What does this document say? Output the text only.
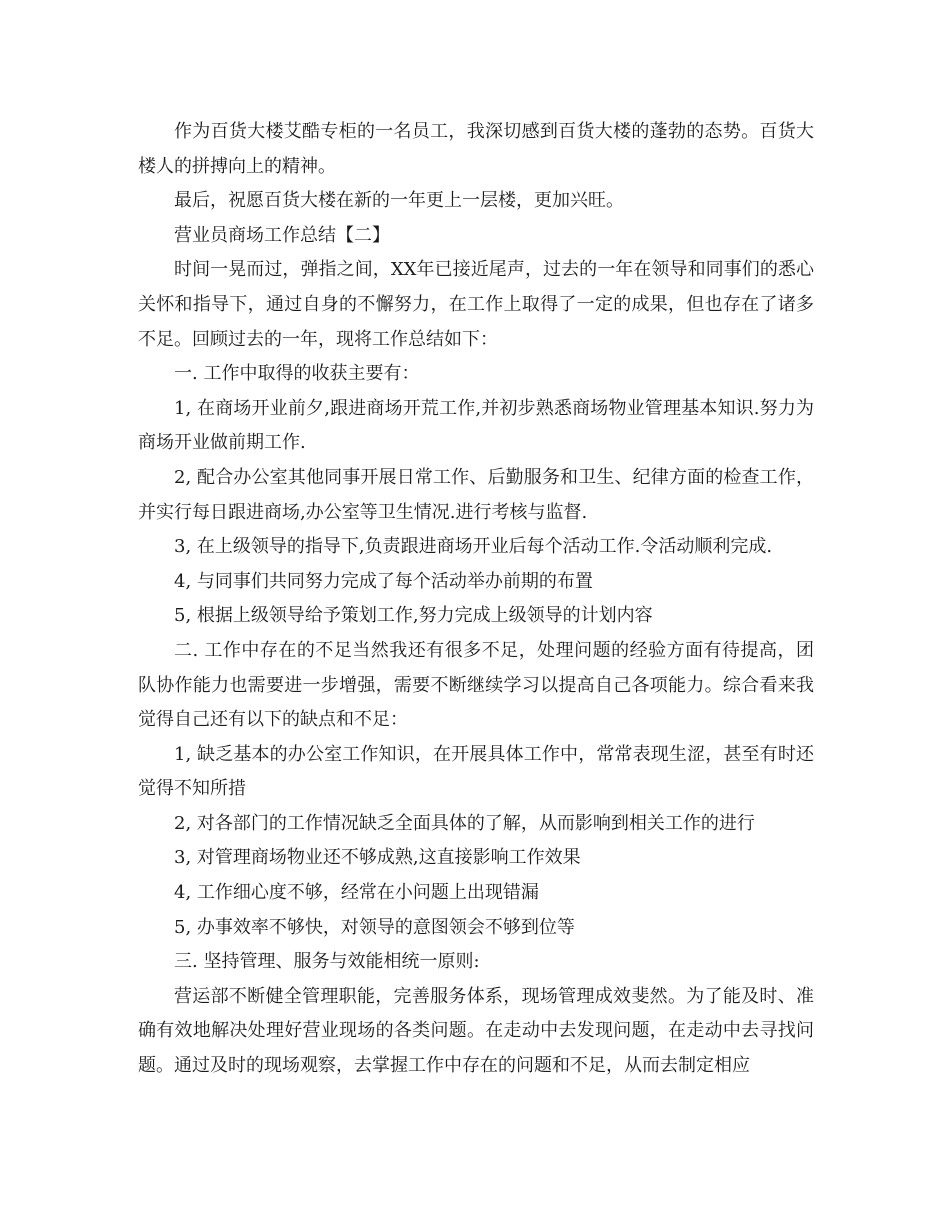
作为百货大楼艾酷专柜的一名员工，我深切感到百货大楼的蓬勃的态势。百货大楼人的拼搏向上的精神。

最后，祝愿百货大楼在新的一年更上一层楼，更加兴旺。

营业员商场工作总结【二】

时间一晃而过，弹指之间，XX年已接近尾声，过去的一年在领导和同事们的悉心关怀和指导下，通过自身的不懈努力，在工作上取得了一定的成果，但也存在了诸多不足。回顾过去的一年，现将工作总结如下：

一. 工作中取得的收获主要有：

1, 在商场开业前夕,跟进商场开荒工作,并初步熟悉商场物业管理基本知识.努力为商场开业做前期工作.

2, 配合办公室其他同事开展日常工作、后勤服务和卫生、纪律方面的检查工作，并实行每日跟进商场,办公室等卫生情况.进行考核与监督.

3, 在上级领导的指导下,负责跟进商场开业后每个活动工作.令活动顺利完成.

4, 与同事们共同努力完成了每个活动举办前期的布置

5, 根据上级领导给予策划工作,努力完成上级领导的计划内容

二. 工作中存在的不足当然我还有很多不足，处理问题的经验方面有待提高，团队协作能力也需要进一步增强，需要不断继续学习以提高自己各项能力。综合看来我觉得自己还有以下的缺点和不足：

1, 缺乏基本的办公室工作知识，在开展具体工作中，常常表现生涩，甚至有时还觉得不知所措

2, 对各部门的工作情况缺乏全面具体的了解，从而影响到相关工作的进行

3, 对管理商场物业还不够成熟,这直接影响工作效果

4, 工作细心度不够，经常在小问题上出现错漏

5, 办事效率不够快，对领导的意图领会不够到位等

三. 坚持管理、服务与效能相统一原则:

营运部不断健全管理职能，完善服务体系，现场管理成效斐然。为了能及时、准确有效地解决处理好营业现场的各类问题。在走动中去发现问题，在走动中去寻找问题。通过及时的现场观察，去掌握工作中存在的问题和不足，从而去制定相应
